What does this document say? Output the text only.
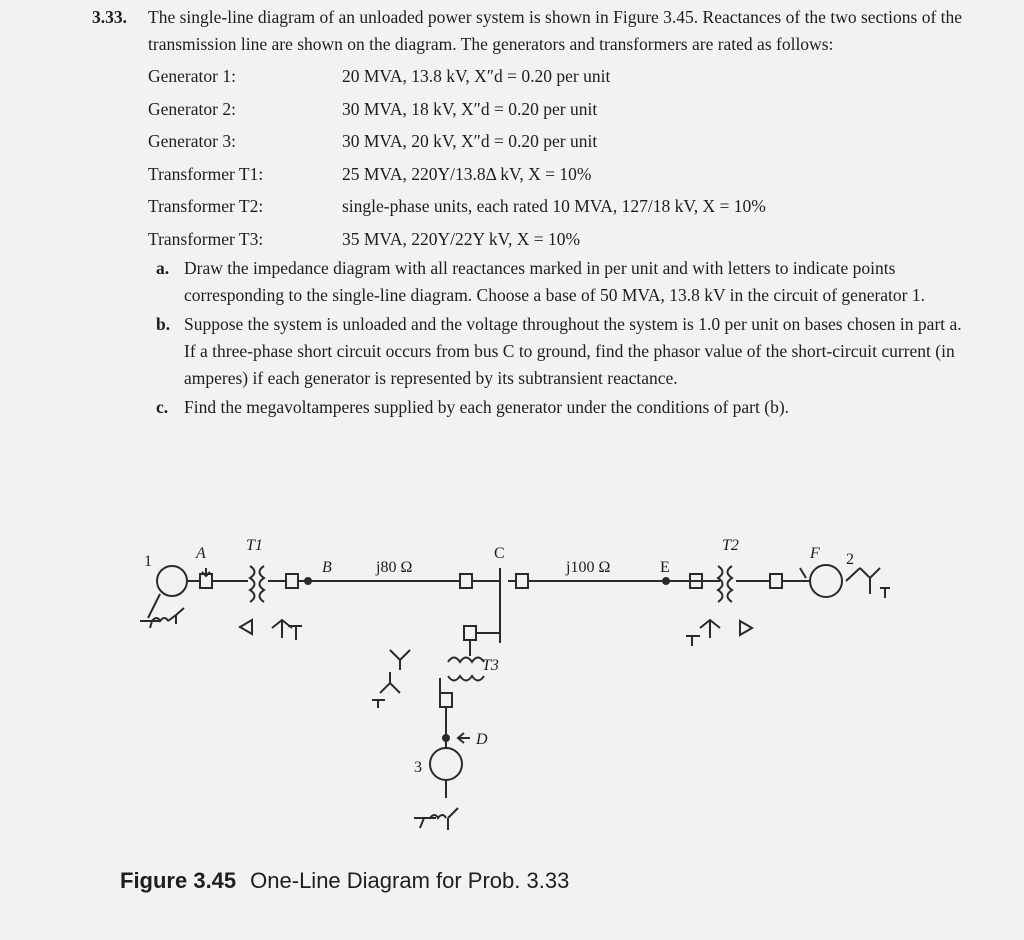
3.33.	The single-line diagram of an unloaded power system is shown in Figure 3.45. Reactances of the two sections of the transmission line are shown on the diagram. The generators and transformers are rated as follows:
Generator 1:	20 MVA, 13.8 kV, X″d = 0.20 per unit
Generator 2:	30 MVA, 18 kV, X″d = 0.20 per unit
Generator 3:	30 MVA, 20 kV, X″d = 0.20 per unit
Transformer T1:	25 MVA, 220Y/13.8Δ kV, X = 10%
Transformer T2:	single-phase units, each rated 10 MVA, 127/18 kV, X = 10%
Transformer T3:	35 MVA, 220Y/22Y kV, X = 10%
a. Draw the impedance diagram with all reactances marked in per unit and with letters to indicate points corresponding to the single-line diagram. Choose a base of 50 MVA, 13.8 kV in the circuit of generator 1.
b. Suppose the system is unloaded and the voltage throughout the system is 1.0 per unit on bases chosen in part a. If a three-phase short circuit occurs from bus C to ground, find the phasor value of the short-circuit current (in amperes) if each generator is represented by its subtransient reactance.
c. Find the megavoltamperes supplied by each generator under the conditions of part (b).
1	A	T1
B	j80 Ω
C
j100 Ω	E
T2	F 2
T3
D
3
Figure 3.45 One-Line Diagram for Prob. 3.33
